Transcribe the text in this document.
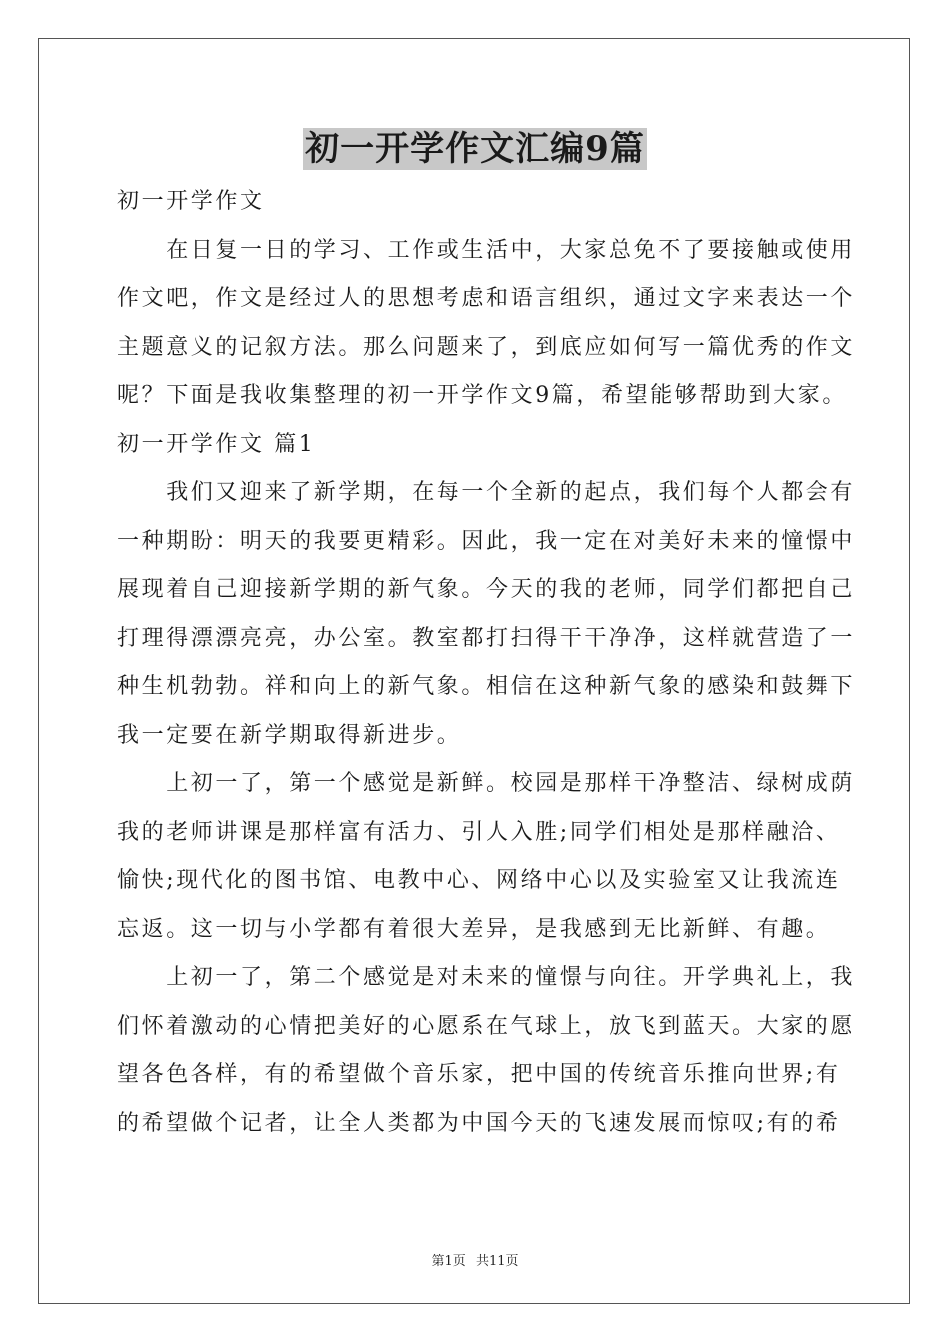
初一开学作文汇编9篇

初一开学作文

　　在日复一日的学习、工作或生活中，大家总免不了要接触或使用

作文吧，作文是经过人的思想考虑和语言组织，通过文字来表达一个

主题意义的记叙方法。那么问题来了，到底应如何写一篇优秀的作文

呢？下面是我收集整理的初一开学作文9篇，希望能够帮助到大家。

初一开学作文 篇1

　　我们又迎来了新学期，在每一个全新的起点，我们每个人都会有

一种期盼：明天的我要更精彩。因此，我一定在对美好未来的憧憬中

展现着自己迎接新学期的新气象。今天的我的老师，同学们都把自己

打理得漂漂亮亮，办公室。教室都打扫得干干净净，这样就营造了一

种生机勃勃。祥和向上的新气象。相信在这种新气象的感染和鼓舞下

我一定要在新学期取得新进步。

　　上初一了，第一个感觉是新鲜。校园是那样干净整洁、绿树成荫

我的老师讲课是那样富有活力、引人入胜;同学们相处是那样融洽、

愉快;现代化的图书馆、电教中心、网络中心以及实验室又让我流连

忘返。这一切与小学都有着很大差异，是我感到无比新鲜、有趣。

　　上初一了，第二个感觉是对未来的憧憬与向往。开学典礼上，我

们怀着激动的心情把美好的心愿系在气球上，放飞到蓝天。大家的愿

望各色各样，有的希望做个音乐家，把中国的传统音乐推向世界;有

的希望做个记者，让全人类都为中国今天的飞速发展而惊叹;有的希

第1页 共11页
